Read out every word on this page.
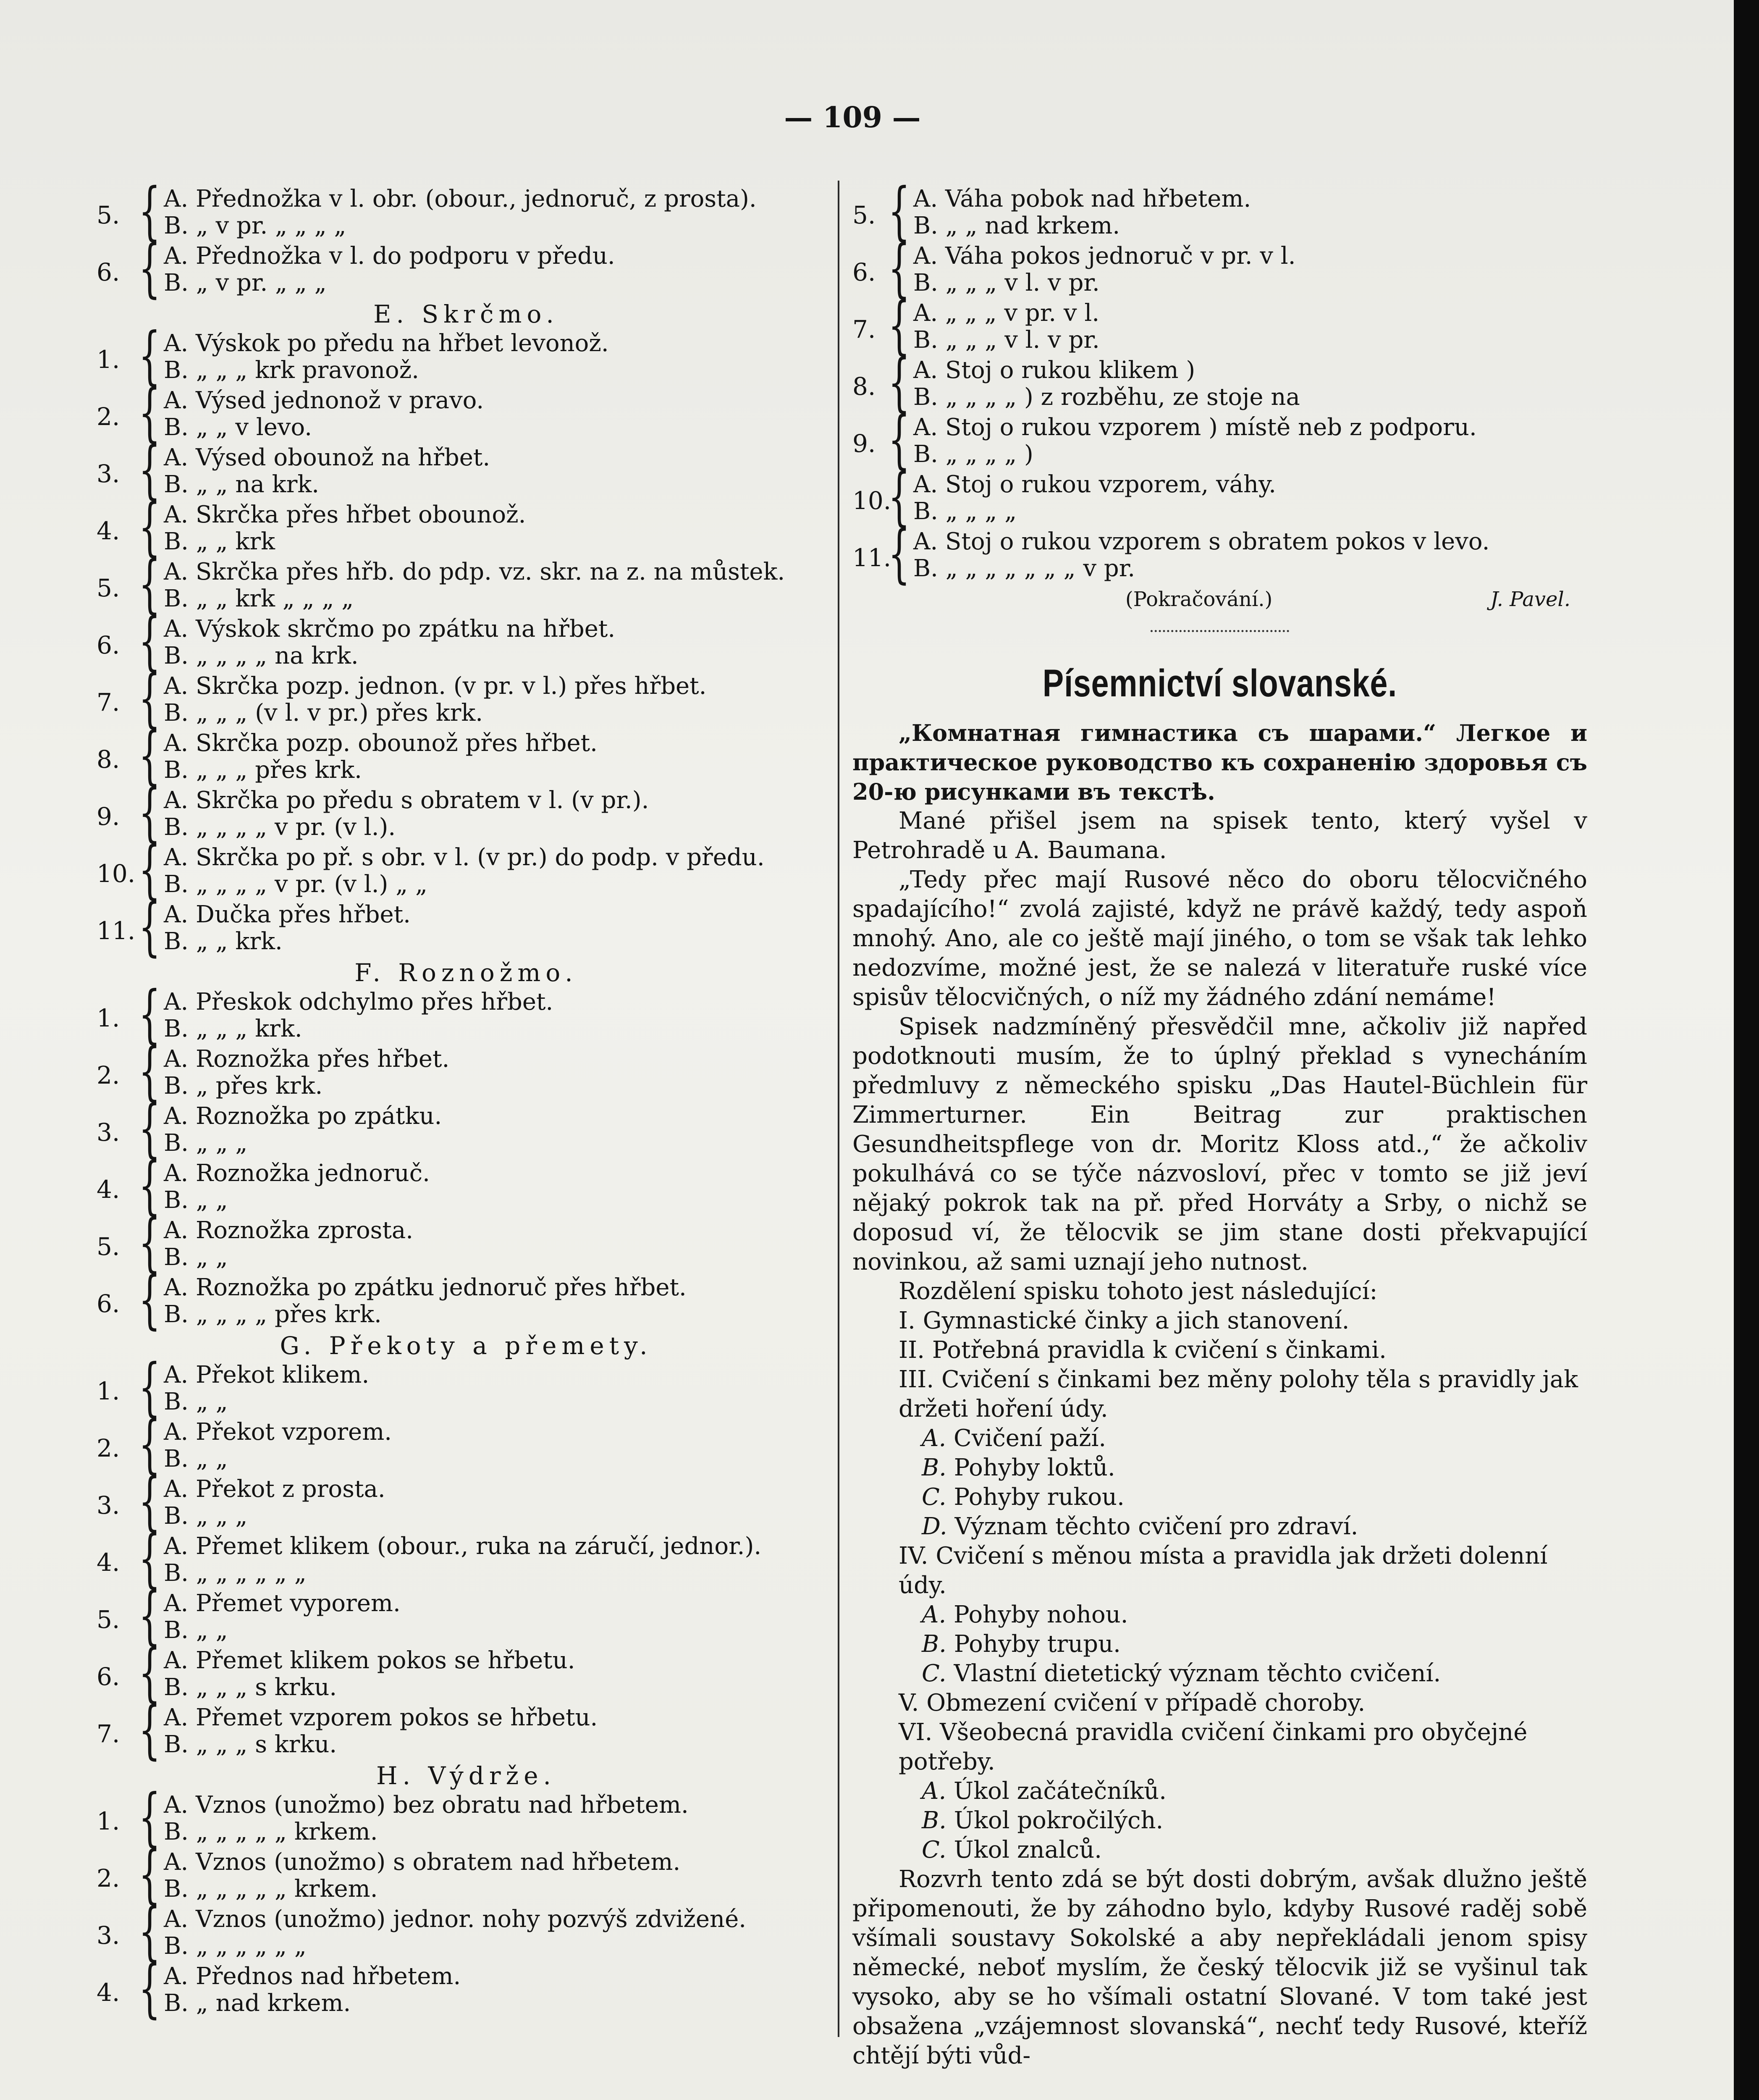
— 109 —
5. { A. Přednožka v l. obr. (obour., jednoruč, z prosta).
B. „ v pr. „ „ „ „
6. { A. Přednožka v l. do podporu v předu.
B. „ v pr. „ „ „
E. Skrčmo.
1. { A. Výskok po předu na hřbet levonož.
B. „ „ „ krk pravonož.
2. { A. Výsed jednonož v pravo.
B. „ „ v levo.
3. { A. Výsed obounož na hřbet.
B. „ „ na krk.
4. { A. Skrčka přes hřbet obounož.
B. „ „ krk
5. { A. Skrčka přes hřb. do pdp. vz. skr. na z. na můstek.
B. „ „ krk „ „ „ „
6. { A. Výskok skrčmo po zpátku na hřbet.
B. „ „ „ „ na krk.
7. { A. Skrčka pozp. jednon. (v pr. v l.) přes hřbet.
B. „ „ „ (v l. v pr.) přes krk.
8. { A. Skrčka pozp. obounož přes hřbet.
B. „ „ „ přes krk.
9. { A. Skrčka po předu s obratem v l. (v pr.).
B. „ „ „ „ v pr. (v l.).
10. { A. Skrčka po př. s obr. v l. (v pr.) do podp. v předu.
B. „ „ „ „ v pr. (v l.) „ „
11. { A. Dučka přes hřbet.
B. „ „ krk.
F. Roznožmo.
1. { A. Přeskok odchylmo přes hřbet.
B. „ „ „ krk.
2. { A. Roznožka přes hřbet.
B. „ přes krk.
3. { A. Roznožka po zpátku.
B. „ „ „
4. { A. Roznožka jednoruč.
B. „ „
5. { A. Roznožka zprosta.
B. „ „
6. { A. Roznožka po zpátku jednoruč přes hřbet.
B. „ „ „ „ přes krk.
G. Překoty a přemety.
1. { A. Překot klikem.
B. „ „
2. { A. Překot vzporem.
B. „ „
3. { A. Překot z prosta.
B. „ „ „
4. { A. Přemet klikem (obour., ruka na záručí, jednor.).
B. „ „ „ „ „ „
5. { A. Přemet vyporem.
B. „ „
6. { A. Přemet klikem pokos se hřbetu.
B. „ „ „ s krku.
7. { A. Přemet vzporem pokos se hřbetu.
B. „ „ „ s krku.
H. Výdrže.
1. { A. Vznos (unožmo) bez obratu nad hřbetem.
B. „ „ „ „ „ krkem.
2. { A. Vznos (unožmo) s obratem nad hřbetem.
B. „ „ „ „ „ krkem.
3. { A. Vznos (unožmo) jednor. nohy pozvýš zdvižené.
B. „ „ „ „ „ „
4. { A. Přednos nad hřbetem.
B. „ nad krkem.
5. { A. Váha pobok nad hřbetem.
B. „ „ nad krkem.
6. { A. Váha pokos jednoruč v pr. v l.
B. „ „ „ v l. v pr.
7. { A. „ „ „ v pr. v l.
B. „ „ „ v l. v pr.
8. { A. Stoj o rukou klikem )
B. „ „ „ „ ) z rozběhu, ze stoje na
9. { A. Stoj o rukou vzporem ) místě neb z podporu.
B. „ „ „ „ )
10.
{ A. Stoj o rukou vzporem, váhy.
B. „ „ „ „
11.
{ A. Stoj o rukou vzporem s obratem pokos v levo.
B. „ „ „ „ „ „ „ v pr.
(Pokračování.)	J. Pavel.
Písemnictví slovanské.

„Комнатная гимнастика съ шарами.“ Легкое и практическое руководство къ сохраненію здоровья съ 20-ю рисунками въ текстѣ.

Mané přišel jsem na spisek tento, který vyšel v Petrohradě u A. Baumana.

„Tedy přec mají Rusové něco do oboru tělocvičného spadajícího!“ zvolá zajisté, když ne právě každý, tedy aspoň mnohý. Ano, ale co ještě mají jiného, o tom se však tak lehko nedozvíme, možné jest, že se nalezá v literatuře ruské více spisův tělocvičných, o níž my žádného zdání nemáme!

Spisek nadzmíněný přesvědčil mne, ačkoliv již napřed podotknouti musím, že to úplný překlad s vynecháním předmluvy z německého spisku „Das Hautel-Büchlein für Zimmerturner. Ein Beitrag zur praktischen Gesundheitspflege von dr. Moritz Kloss atd.,“ že ačkoliv pokulhává co se týče názvosloví, přec v tomto se již jeví nějaký pokrok tak na př. před Horváty a Srby, o nichž se doposud ví, že tělocvik se jim stane dosti překvapující novinkou, až sami uznají jeho nutnost.

Rozdělení spisku tohoto jest následující:

I. Gymnastické činky a jich stanovení.
II. Potřebná pravidla k cvičení s činkami.
III. Cvičení s činkami bez měny polohy těla s pravidly jak držeti hoření údy.
A. Cvičení paží.
B. Pohyby loktů.
C. Pohyby rukou.
D. Význam těchto cvičení pro zdraví.
IV. Cvičení s měnou místa a pravidla jak držeti dolenní údy.
A. Pohyby nohou.
B. Pohyby trupu.
C. Vlastní dietetický význam těchto cvičení.
V. Obmezení cvičení v případě choroby.
VI. Všeobecná pravidla cvičení činkami pro obyčejné potřeby.
A. Úkol začátečníků.
B. Úkol pokročilých.
C. Úkol znalců.

Rozvrh tento zdá se být dosti dobrým, avšak dlužno ještě připomenouti, že by záhodno bylo, kdyby Rusové raděj sobě všímali soustavy Sokolské a aby nepřekládali jenom spisy německé, neboť myslím, že český tělocvik již se vyšinul tak vysoko, aby se ho všímali ostatní Slované. V tom také jest obsažena „vzájemnost slovanská“, nechť tedy Rusové, kteříž chtějí býti vůd-
